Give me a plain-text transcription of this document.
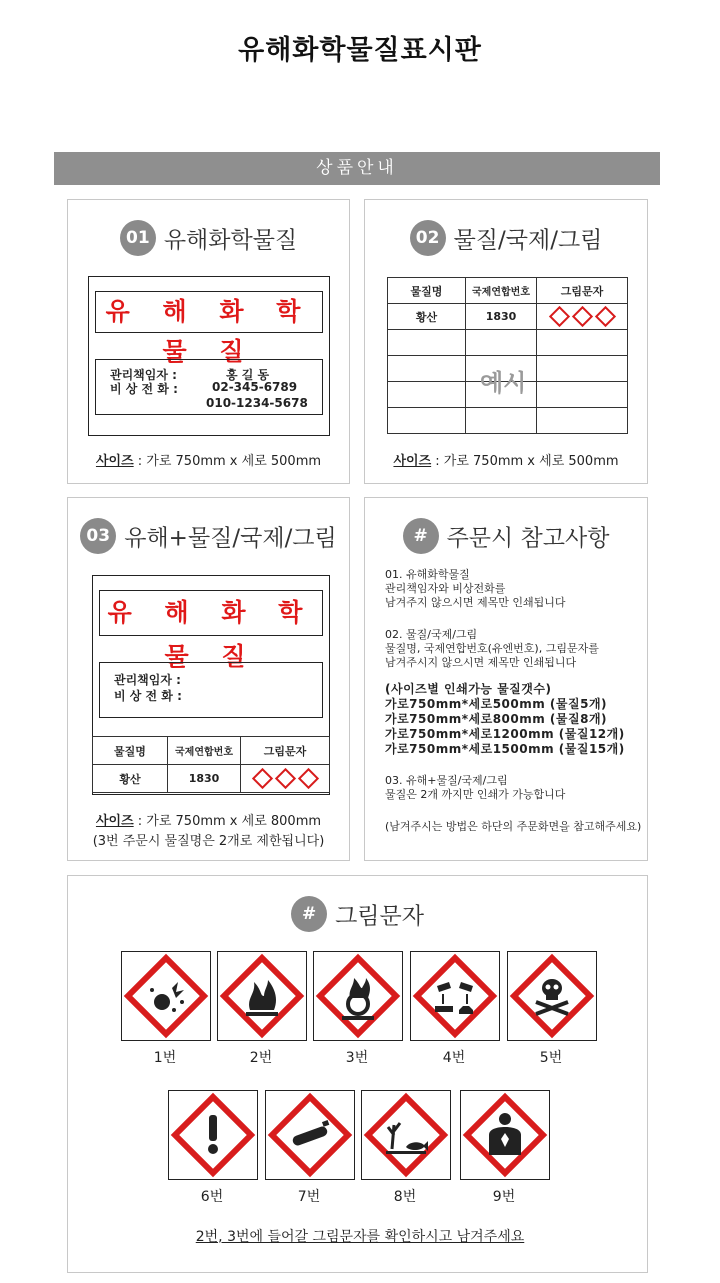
유해화학물질표시판
상품안내
01 유해화학물질
유 해 화 학 물 질
관리책임자 :	홍 길 동
비 상 전 화 :	02-345-6789
010-1234-5678
사이즈 : 가로 750mm x 세로 500mm
02 물질/국제/그림
물질명	국제연합번호	그림문자
황산	1830	

예시
사이즈 : 가로 750mm x 세로 500mm
03 유해+물질/국제/그림
유 해 화 학 물 질
관리책임자 :
비 상 전 화 :
물질명	국제연합번호	그림문자
황산	1830	
사이즈 : 가로 750mm x 세로 800mm
(3번 주문시 물질명은 2개로 제한됩니다)
# 주문시 참고사항
01. 유해화학물질
관리책임자와 비상전화를
남겨주지 않으시면 제목만 인쇄됩니다
02. 물질/국제/그림
물질명, 국제연합번호(유엔번호), 그림문자를
남겨주시지 않으시면 제목만 인쇄됩니다
(사이즈별 인쇄가능 물질갯수)
가로750mm*세로500mm (물질5개)
가로750mm*세로800mm (물질8개)
가로750mm*세로1200mm (물질12개)
가로750mm*세로1500mm (물질15개)
03. 유해+물질/국제/그림
물질은 2개 까지만 인쇄가 가능합니다
(남겨주시는 방법은 하단의 주문화면을 참고해주세요)
# 그림문자
1번	2번	3번	4번	5번
6번	7번	8번	9번
2번, 3번에 들어갈 그림문자를 확인하시고 남겨주세요
